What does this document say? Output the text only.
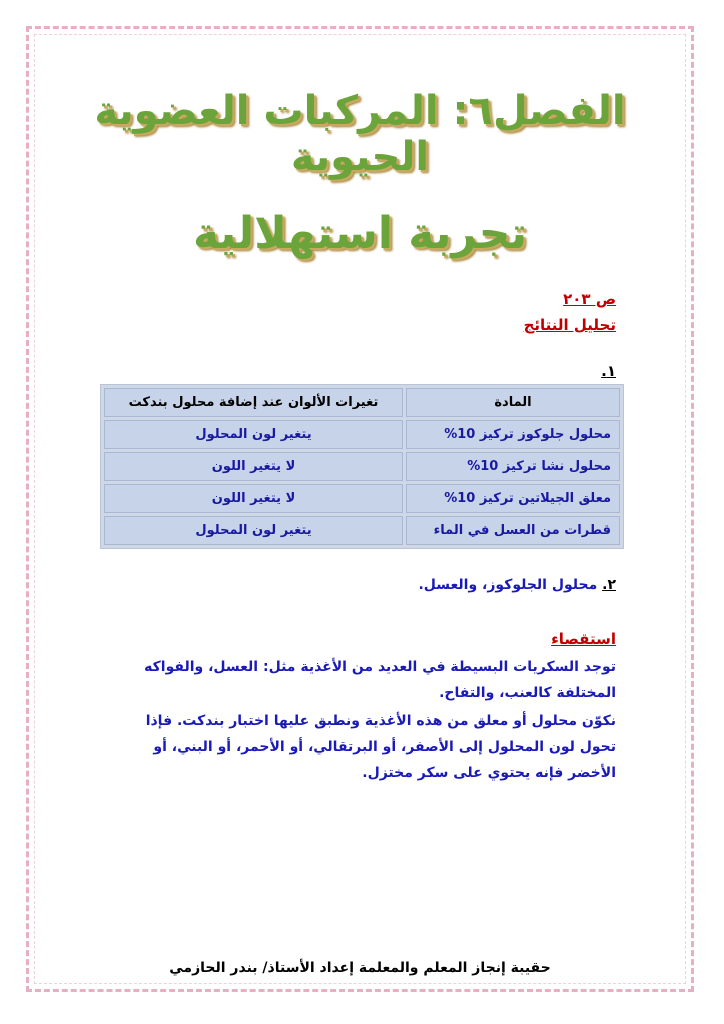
الفصل٦: المركبات العضوية الحيوية
تجربة استهلالية
ص ٢٠٣
تحليل النتائج
١.
المادة	تغيرات الألوان عند إضافة محلول بندكت
محلول جلوكوز تركيز 10%	يتغير لون المحلول
محلول نشا تركيز 10%	لا يتغير اللون
معلق الجيلاتين تركيز 10%	لا يتغير اللون
قطرات من العسل في الماء	يتغير لون المحلول
٢. محلول الجلوكوز، والعسل.
استقصاء
توجد السكريات البسيطة في العديد من الأغذية مثل: العسل، والفواكه المختلفة كالعنب، والتفاح.
نكوّن محلول أو معلق من هذه الأغذية ونطبق عليها اختبار بندكت. فإذا تحول لون المحلول إلى الأصفر، أو البرتقالي، أو الأحمر، أو البني، أو الأخضر فإنه يحتوي على سكر مختزل.
حقيبة إنجاز المعلم والمعلمة إعداد الأستاذ/ بندر الحازمي
